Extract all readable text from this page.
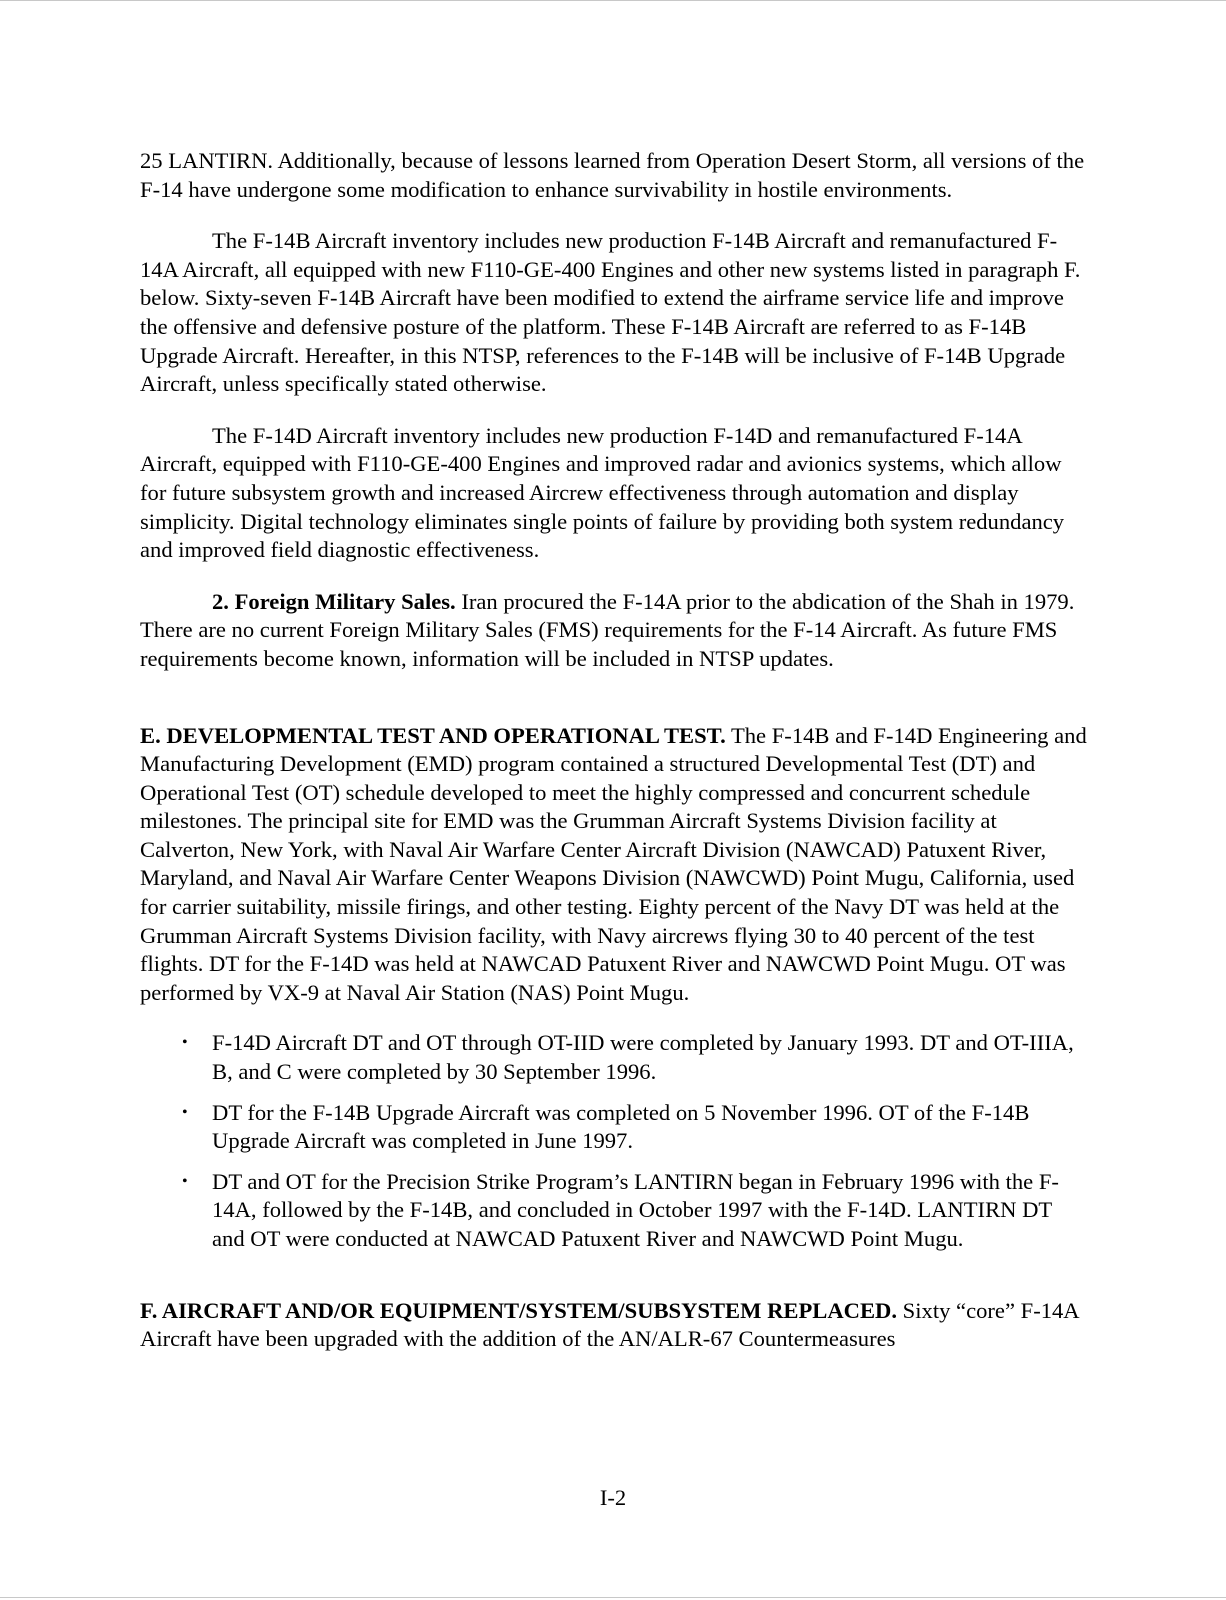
25 LANTIRN. Additionally, because of lessons learned from Operation Desert Storm, all versions of the F-14 have undergone some modification to enhance survivability in hostile environments.

The F-14B Aircraft inventory includes new production F-14B Aircraft and remanufactured F-14A Aircraft, all equipped with new F110-GE-400 Engines and other new systems listed in paragraph F. below. Sixty-seven F-14B Aircraft have been modified to extend the airframe service life and improve the offensive and defensive posture of the platform. These F-14B Aircraft are referred to as F-14B Upgrade Aircraft. Hereafter, in this NTSP, references to the F-14B will be inclusive of F-14B Upgrade Aircraft, unless specifically stated otherwise.

The F-14D Aircraft inventory includes new production F-14D and remanufactured F-14A Aircraft, equipped with F110-GE-400 Engines and improved radar and avionics systems, which allow for future subsystem growth and increased Aircrew effectiveness through automation and display simplicity. Digital technology eliminates single points of failure by providing both system redundancy and improved field diagnostic effectiveness.

2. Foreign Military Sales. Iran procured the F-14A prior to the abdication of the Shah in 1979. There are no current Foreign Military Sales (FMS) requirements for the F-14 Aircraft. As future FMS requirements become known, information will be included in NTSP updates.

E. DEVELOPMENTAL TEST AND OPERATIONAL TEST. The F-14B and F-14D Engineering and Manufacturing Development (EMD) program contained a structured Developmental Test (DT) and Operational Test (OT) schedule developed to meet the highly compressed and concurrent schedule milestones. The principal site for EMD was the Grumman Aircraft Systems Division facility at Calverton, New York, with Naval Air Warfare Center Aircraft Division (NAWCAD) Patuxent River, Maryland, and Naval Air Warfare Center Weapons Division (NAWCWD) Point Mugu, California, used for carrier suitability, missile firings, and other testing. Eighty percent of the Navy DT was held at the Grumman Aircraft Systems Division facility, with Navy aircrews flying 30 to 40 percent of the test flights. DT for the F-14D was held at NAWCAD Patuxent River and NAWCWD Point Mugu. OT was performed by VX-9 at Naval Air Station (NAS) Point Mugu.

• F-14D Aircraft DT and OT through OT-IID were completed by January 1993. DT and OT-IIIA, B, and C were completed by 30 September 1996.
• DT for the F-14B Upgrade Aircraft was completed on 5 November 1996. OT of the F-14B Upgrade Aircraft was completed in June 1997.
• DT and OT for the Precision Strike Program’s LANTIRN began in February 1996 with the F-14A, followed by the F-14B, and concluded in October 1997 with the F-14D. LANTIRN DT and OT were conducted at NAWCAD Patuxent River and NAWCWD Point Mugu.

F. AIRCRAFT AND/OR EQUIPMENT/SYSTEM/SUBSYSTEM REPLACED. Sixty “core” F-14A Aircraft have been upgraded with the addition of the AN/ALR-67 Countermeasures

I-2
